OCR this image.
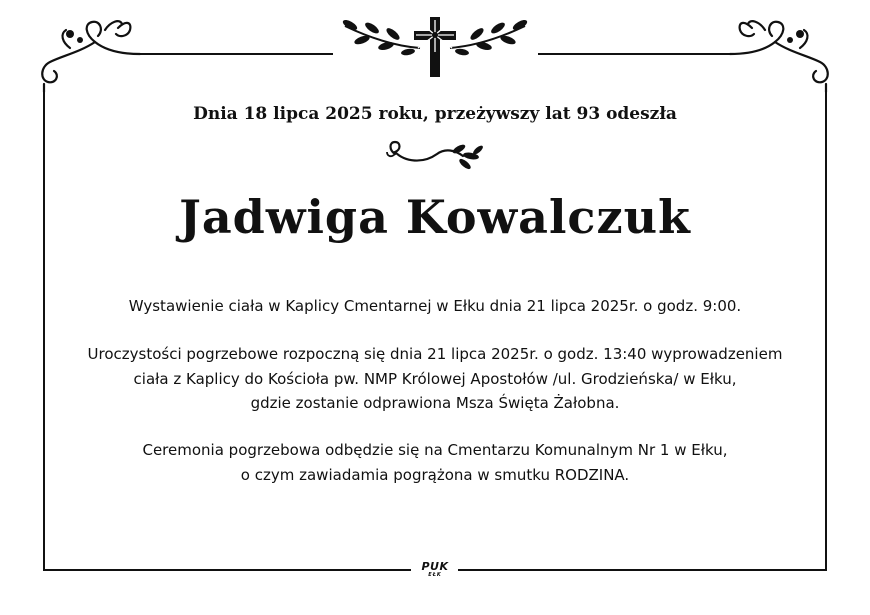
Dnia 18 lipca 2025 roku, przeżywszy lat 93 odeszła
Jadwiga Kowalczuk
Wystawienie ciała w Kaplicy Cmentarnej w Ełku dnia 21 lipca 2025r. o godz. 9:00.
Uroczystości pogrzebowe rozpoczną się dnia 21 lipca 2025r. o godz. 13:40 wyprowadzeniem
ciała z Kaplicy do Kościoła pw. NMP Królowej Apostołów /ul. Grodzieńska/ w Ełku,
gdzie zostanie odprawiona Msza Święta Żałobna.
Ceremonia pogrzebowa odbędzie się na Cmentarzu Komunalnym Nr 1 w Ełku,
o czym zawiadamia pogrążona w smutku RODZINA.
PUK
EŁK
